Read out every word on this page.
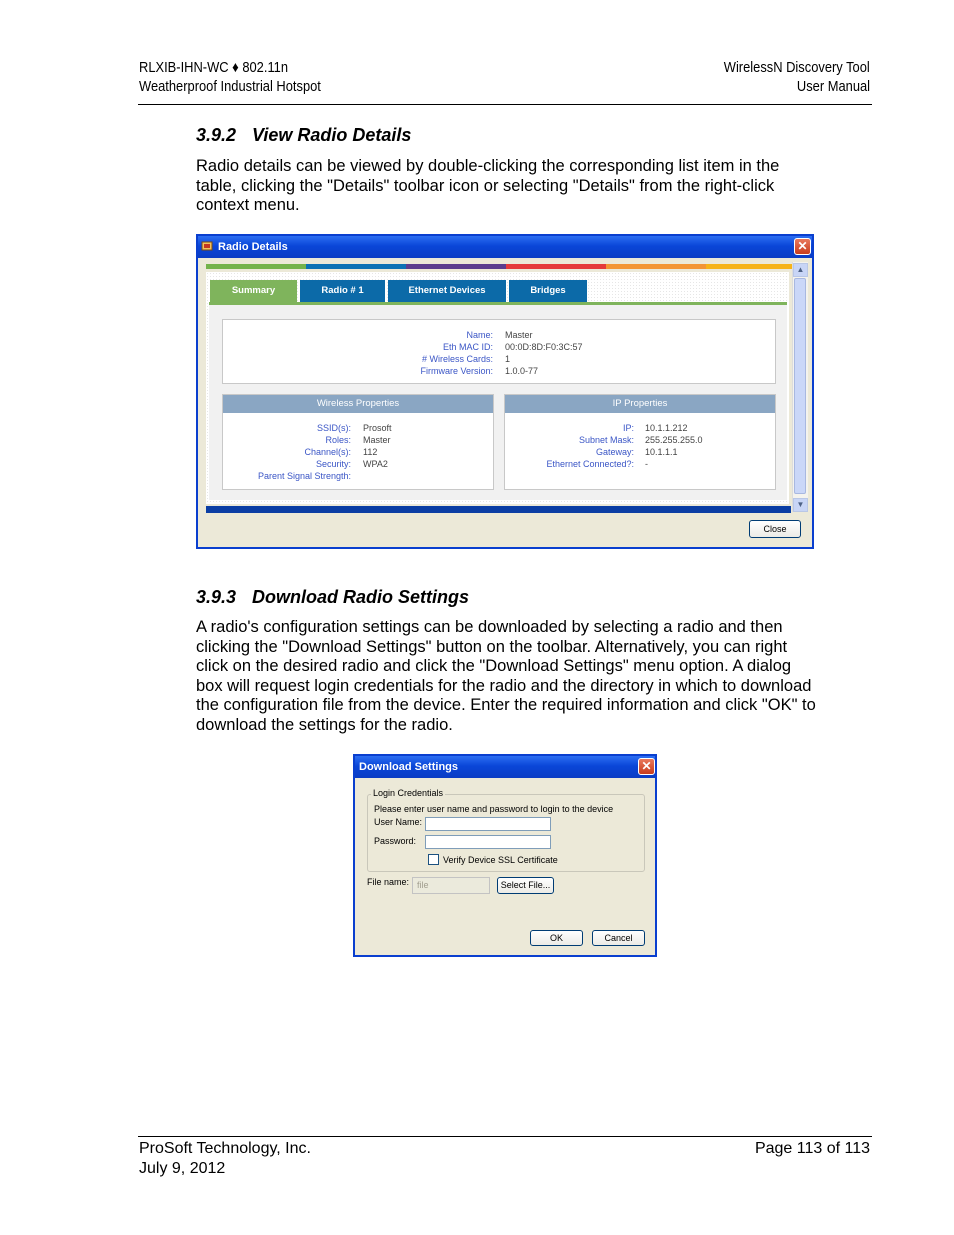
RLXIB-IHN-WC ♦ 802.11n
Weatherproof Industrial Hotspot
WirelessN Discovery Tool
User Manual
3.9.2 View Radio Details
Radio details can be viewed by double-clicking the corresponding list item in the table, clicking the "Details" toolbar icon or selecting "Details" from the right-click context menu.
Radio Details	✕
Summary	Radio # 1	Ethernet Devices	Bridges
Name: Master
Eth MAC ID: 00:0D:8D:F0:3C:57
# Wireless Cards: 1
Firmware Version: 1.0.0-77
Wireless Properties
SSID(s): Prosoft
Roles: Master
Channel(s): 112
Security: WPA2
Parent Signal Strength:
IP Properties
IP: 10.1.1.212
Subnet Mask: 255.255.255.0
Gateway: 10.1.1.1
Ethernet Connected?: -
▲
▼
Close
3.9.3 Download Radio Settings
A radio's configuration settings can be downloaded by selecting a radio and then clicking the "Download Settings" button on the toolbar. Alternatively, you can right click on the desired radio and click the "Download Settings" menu option. A dialog box will request login credentials for the radio and the directory in which to download the configuration file from the device. Enter the required information and click "OK" to download the settings for the radio.
Download Settings	✕
Login Credentials
Please enter user name and password to login to the device
User Name:
Password:
Verify Device SSL Certificate
File name: file	Select File...
OK	Cancel
ProSoft Technology, Inc.
July 9, 2012
Page 113 of 113
